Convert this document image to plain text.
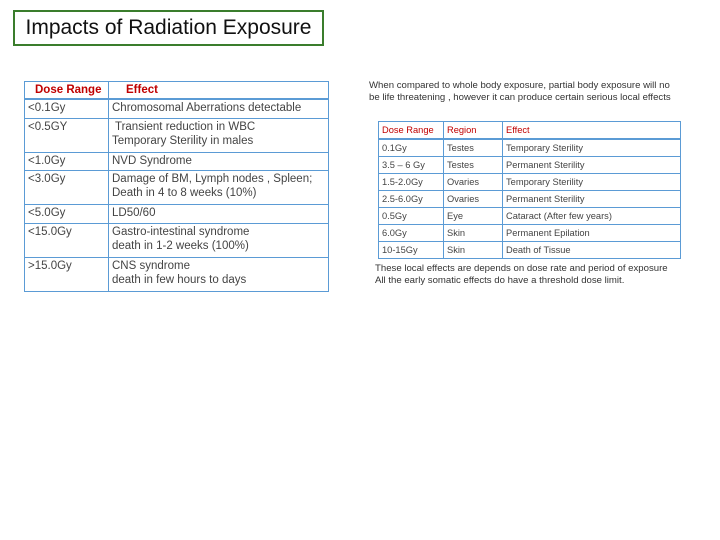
Impacts of Radiation Exposure
Dose Range	Effect
<0.1Gy	Chromosomal Aberrations detectable

<0.5GY	Transient reduction in WBC
Temporary Sterility in males

<1.0Gy	NVD Syndrome

<3.0Gy	Damage of BM, Lymph nodes , Spleen;
Death in 4 to 8 weeks (10%)

<5.0Gy	LD50/60

<15.0Gy	Gastro-intestinal syndrome
death in 1-2 weeks (100%)

>15.0Gy	CNS syndrome
death in few hours to days
When compared to whole body exposure, partial body exposure will no
be life threatening , however it can produce certain serious local effects
Dose Range	Region	Effect
0.1Gy	Testes	Temporary Sterility
3.5 – 6 Gy	Testes	Permanent Sterility
1.5-2.0Gy	Ovaries	Temporary Sterility
2.5-6.0Gy	Ovaries	Permanent Sterility
0.5Gy	Eye	Cataract (After few years)
6.0Gy	Skin	Permanent Epilation
10-15Gy	Skin	Death of Tissue
These local effects are depends on dose rate and period of exposure
All the early somatic effects do have a threshold dose limit.
